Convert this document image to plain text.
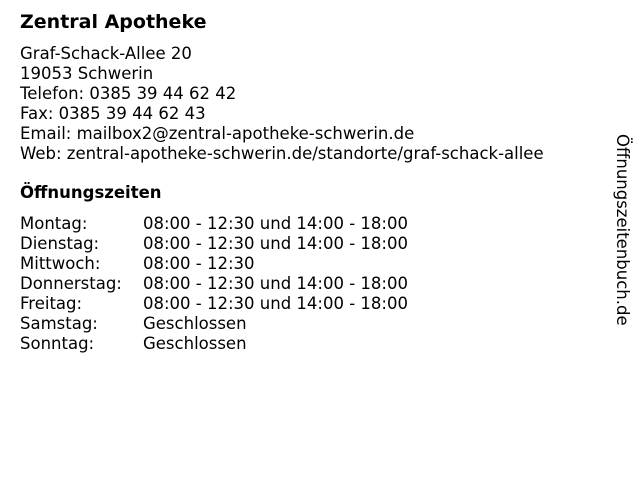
Zentral Apotheke
Graf-Schack-Allee 20
19053 Schwerin
Telefon: 0385 39 44 62 42
Fax: 0385 39 44 62 43
Email: mailbox2@zentral-apotheke-schwerin.de
Web: zentral-apotheke-schwerin.de/standorte/graf-schack-allee
Öffnungszeiten
Montag:	08:00 - 12:30 und 14:00 - 18:00
Dienstag:	08:00 - 12:30 und 14:00 - 18:00
Mittwoch:	08:00 - 12:30
Donnerstag: 08:00 - 12:30 und 14:00 - 18:00
Freitag:	08:00 - 12:30 und 14:00 - 18:00
Samstag:	Geschlossen
Sonntag:	Geschlossen
Öffnungszeitenbuch.de
